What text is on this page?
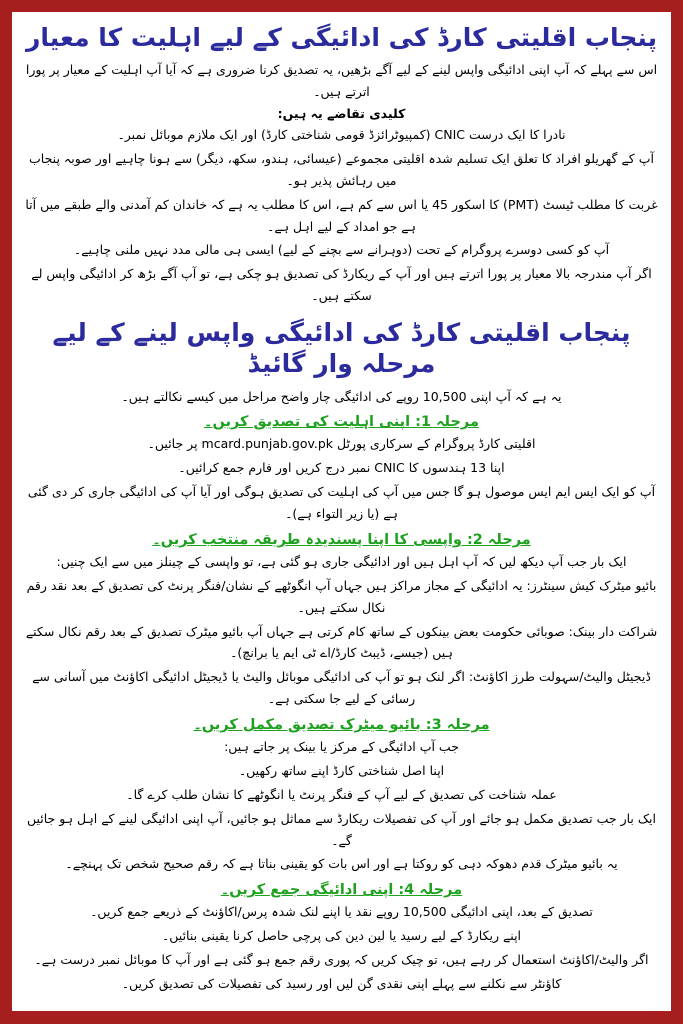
پنجاب اقلیتی کارڈ کی ادائیگی کے لیے اہلیت کا معیار

اس سے پہلے کہ آپ اپنی ادائیگی واپس لینے کے لیے آگے بڑھیں، یہ تصدیق کرنا ضروری ہے کہ آیا آپ اہلیت کے معیار پر پورا اترتے ہیں۔

کلیدی تقاضے یہ ہیں:

نادرا کا ایک درست CNIC (کمپیوٹرائزڈ قومی شناختی کارڈ) اور ایک ملازم موبائل نمبر۔

آپ کے گھریلو افراد کا تعلق ایک تسلیم شدہ اقلیتی مجموعے (عیسائی، ہندو، سکھ، دیگر) سے ہونا چاہیے اور صوبہ پنجاب میں رہائش پذیر ہو۔

غربت کا مطلب ٹیسٹ (PMT) کا اسکور 45 یا اس سے کم ہے، اس کا مطلب یہ ہے کہ خاندان کم آمدنی والے طبقے میں آتا ہے جو امداد کے لیے اہل ہے۔

آپ کو کسی دوسرے پروگرام کے تحت (دوہرانے سے بچنے کے لیے) ایسی ہی مالی مدد نہیں ملنی چاہیے۔

اگر آپ مندرجہ بالا معیار پر پورا اترتے ہیں اور آپ کے ریکارڈ کی تصدیق ہو چکی ہے، تو آپ آگے بڑھ کر ادائیگی واپس لے سکتے ہیں۔

پنجاب اقلیتی کارڈ کی ادائیگی واپس لینے کے لیے مرحلہ وار گائیڈ

یہ ہے کہ آپ اپنی 10,500 روپے کی ادائیگی چار واضح مراحل میں کیسے نکالتے ہیں۔

مرحلہ 1: اپنی اہلیت کی تصدیق کریں۔

اقلیتی کارڈ پروگرام کے سرکاری پورٹل mcard.punjab.gov.pk پر جائیں۔

اپنا 13 ہندسوں کا CNIC نمبر درج کریں اور فارم جمع کرائیں۔

آپ کو ایک ایس ایم ایس موصول ہو گا جس میں آپ کی اہلیت کی تصدیق ہوگی اور آیا آپ کی ادائیگی جاری کر دی گئی ہے (یا زیر التواء ہے)۔

مرحلہ 2: واپسی کا اپنا پسندیدہ طریقہ منتخب کریں۔

ایک بار جب آپ دیکھ لیں کہ آپ اہل ہیں اور ادائیگی جاری ہو گئی ہے، تو واپسی کے چینلز میں سے ایک چنیں:

بائیو میٹرک کیش سینٹرز: یہ ادائیگی کے مجاز مراکز ہیں جہاں آپ انگوٹھے کے نشان/فنگر پرنٹ کی تصدیق کے بعد نقد رقم نکال سکتے ہیں۔

شراکت دار بینک: صوبائی حکومت بعض بینکوں کے ساتھ کام کرتی ہے جہاں آپ بائیو میٹرک تصدیق کے بعد رقم نکال سکتے ہیں (جیسے، ڈیبٹ کارڈ/اے ٹی ایم یا برانچ)۔

ڈیجیٹل والیٹ/سہولت طرز اکاؤنٹ: اگر لنک ہو تو آپ کی ادائیگی موبائل والیٹ یا ڈیجیٹل ادائیگی اکاؤنٹ میں آسانی سے رسائی کے لیے جا سکتی ہے۔

مرحلہ 3: بائیو میٹرک تصدیق مکمل کریں۔

جب آپ ادائیگی کے مرکز یا بینک پر جاتے ہیں:

اپنا اصل شناختی کارڈ اپنے ساتھ رکھیں۔

عملہ شناخت کی تصدیق کے لیے آپ کے فنگر پرنٹ یا انگوٹھے کا نشان طلب کرے گا۔

ایک بار جب تصدیق مکمل ہو جائے اور آپ کی تفصیلات ریکارڈ سے مماثل ہو جائیں، آپ اپنی ادائیگی لینے کے اہل ہو جائیں گے۔

یہ بائیو میٹرک قدم دھوکہ دہی کو روکتا ہے اور اس بات کو یقینی بناتا ہے کہ رقم صحیح شخص تک پہنچے۔

مرحلہ 4: اپنی ادائیگی جمع کریں۔

تصدیق کے بعد، اپنی ادائیگی 10,500 روپے نقد یا اپنے لنک شدہ پرس/اکاؤنٹ کے ذریعے جمع کریں۔

اپنے ریکارڈ کے لیے رسید یا لین دین کی پرچی حاصل کرنا یقینی بنائیں۔

اگر والیٹ/اکاؤنٹ استعمال کر رہے ہیں، تو چیک کریں کہ پوری رقم جمع ہو گئی ہے اور آپ کا موبائل نمبر درست ہے۔

کاؤنٹر سے نکلنے سے پہلے اپنی نقدی گن لیں اور رسید کی تفصیلات کی تصدیق کریں۔
